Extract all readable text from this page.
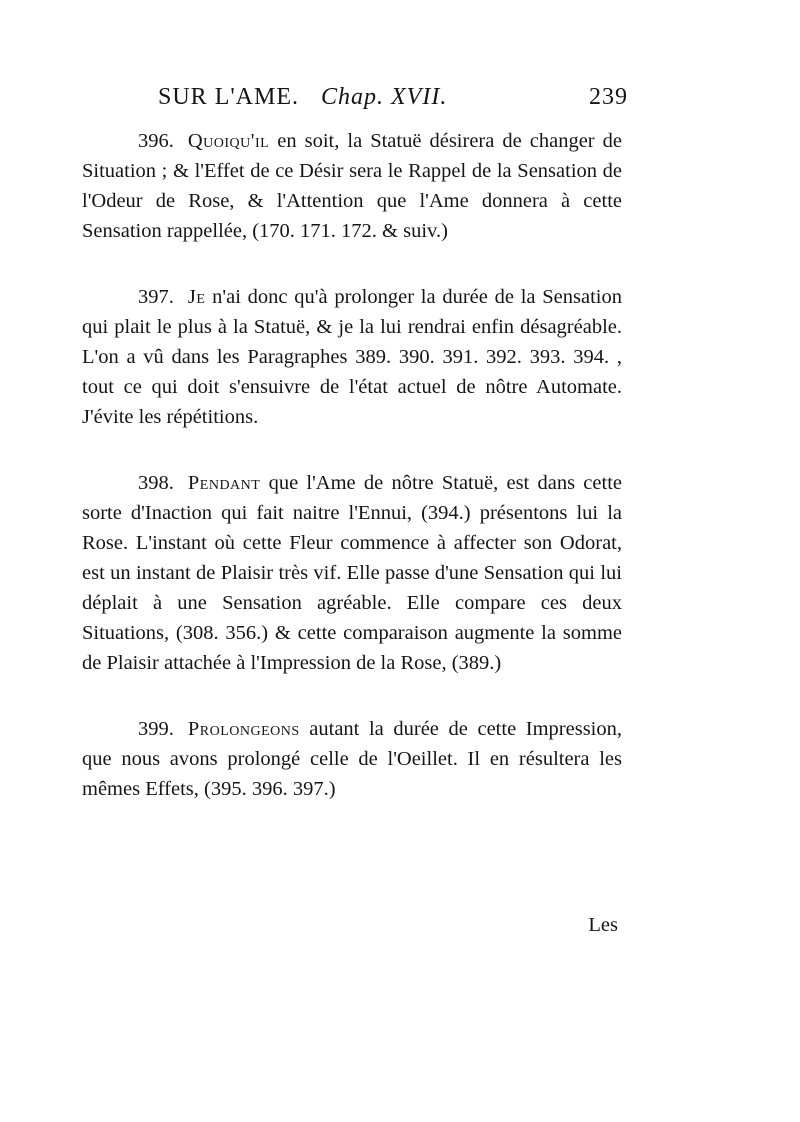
SUR L'AME. Chap. XVII.	239

396. Quoiqu'il en soit, la Statuë désirera de changer de Situation ; & l'Effet de ce Désir sera le Rappel de la Sensation de l'Odeur de Rose, & l'Attention que l'Ame donnera à cette Sensation rappellée, (170. 171. 172. & suiv.)

397. Je n'ai donc qu'à prolonger la durée de la Sensation qui plait le plus à la Statuë, & je la lui rendrai enfin désagréable. L'on a vû dans les Paragraphes 389. 390. 391. 392. 393. 394. , tout ce qui doit s'ensuivre de l'état actuel de nôtre Automate. J'évite les répétitions.

398. Pendant que l'Ame de nôtre Statuë, est dans cette sorte d'Inaction qui fait naitre l'Ennui, (394.) présentons lui la Rose. L'instant où cette Fleur commence à affecter son Odorat, est un instant de Plaisir très vif. Elle passe d'une Sensation qui lui déplait à une Sensation agréable. Elle compare ces deux Situations, (308. 356.) & cette comparaison augmente la somme de Plaisir attachée à l'Impression de la Rose, (389.)

399. Prolongeons autant la durée de cette Impression, que nous avons prolongé celle de l'Oeillet. Il en résultera les mêmes Effets, (395. 396. 397.)

Les
